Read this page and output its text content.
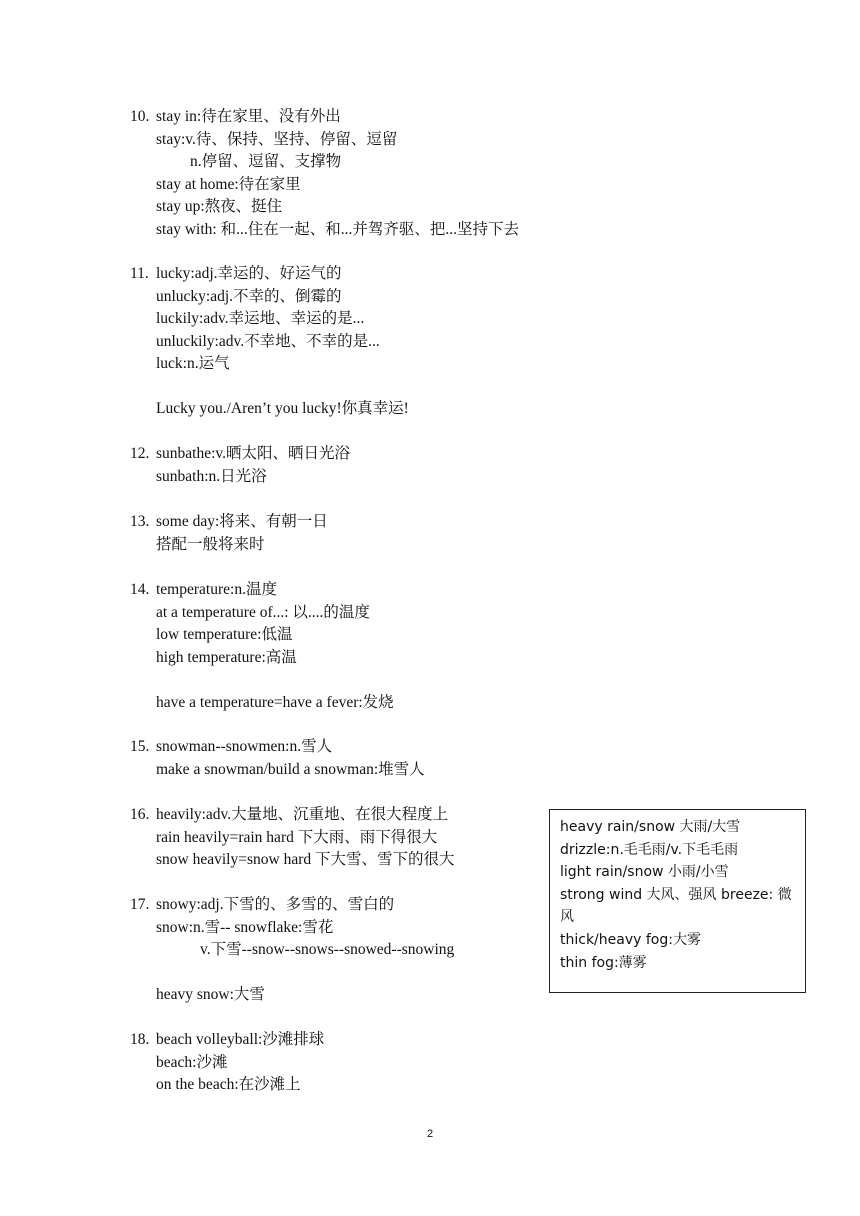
10. stay in:待在家里、没有外出
stay:v.待、保持、坚持、停留、逗留
n.停留、逗留、支撑物
stay at home:待在家里
stay up:熬夜、挺住
stay with: 和...住在一起、和...并驾齐驱、把...坚持下去
11. lucky:adj.幸运的、好运气的
unlucky:adj.不幸的、倒霉的
luckily:adv.幸运地、幸运的是...
unluckily:adv.不幸地、不幸的是...
luck:n.运气
Lucky you./Aren’t you lucky!你真幸运!
12. sunbathe:v.晒太阳、晒日光浴
sunbath:n.日光浴
13. some day:将来、有朝一日
搭配一般将来时
14. temperature:n.温度
at a temperature of...: 以....的温度
low temperature:低温
high temperature:高温
have a temperature=have a fever:发烧
15. snowman--snowmen:n.雪人
make a snowman/build a snowman:堆雪人
16. heavily:adv.大量地、沉重地、在很大程度上
rain heavily=rain hard 下大雨、雨下得很大
snow heavily=snow hard 下大雪、雪下的很大
17. snowy:adj.下雪的、多雪的、雪白的
snow:n.雪-- snowflake:雪花
v.下雪--snow--snows--snowed--snowing
heavy snow:大雪
18. beach volleyball:沙滩排球
beach:沙滩
on the beach:在沙滩上
heavy rain/snow 大雨/大雪
drizzle:n.毛毛雨/v.下毛毛雨
light rain/snow 小雨/小雪
strong wind 大风、强风 breeze: 微风
thick/heavy fog:大雾
thin fog:薄雾
2
